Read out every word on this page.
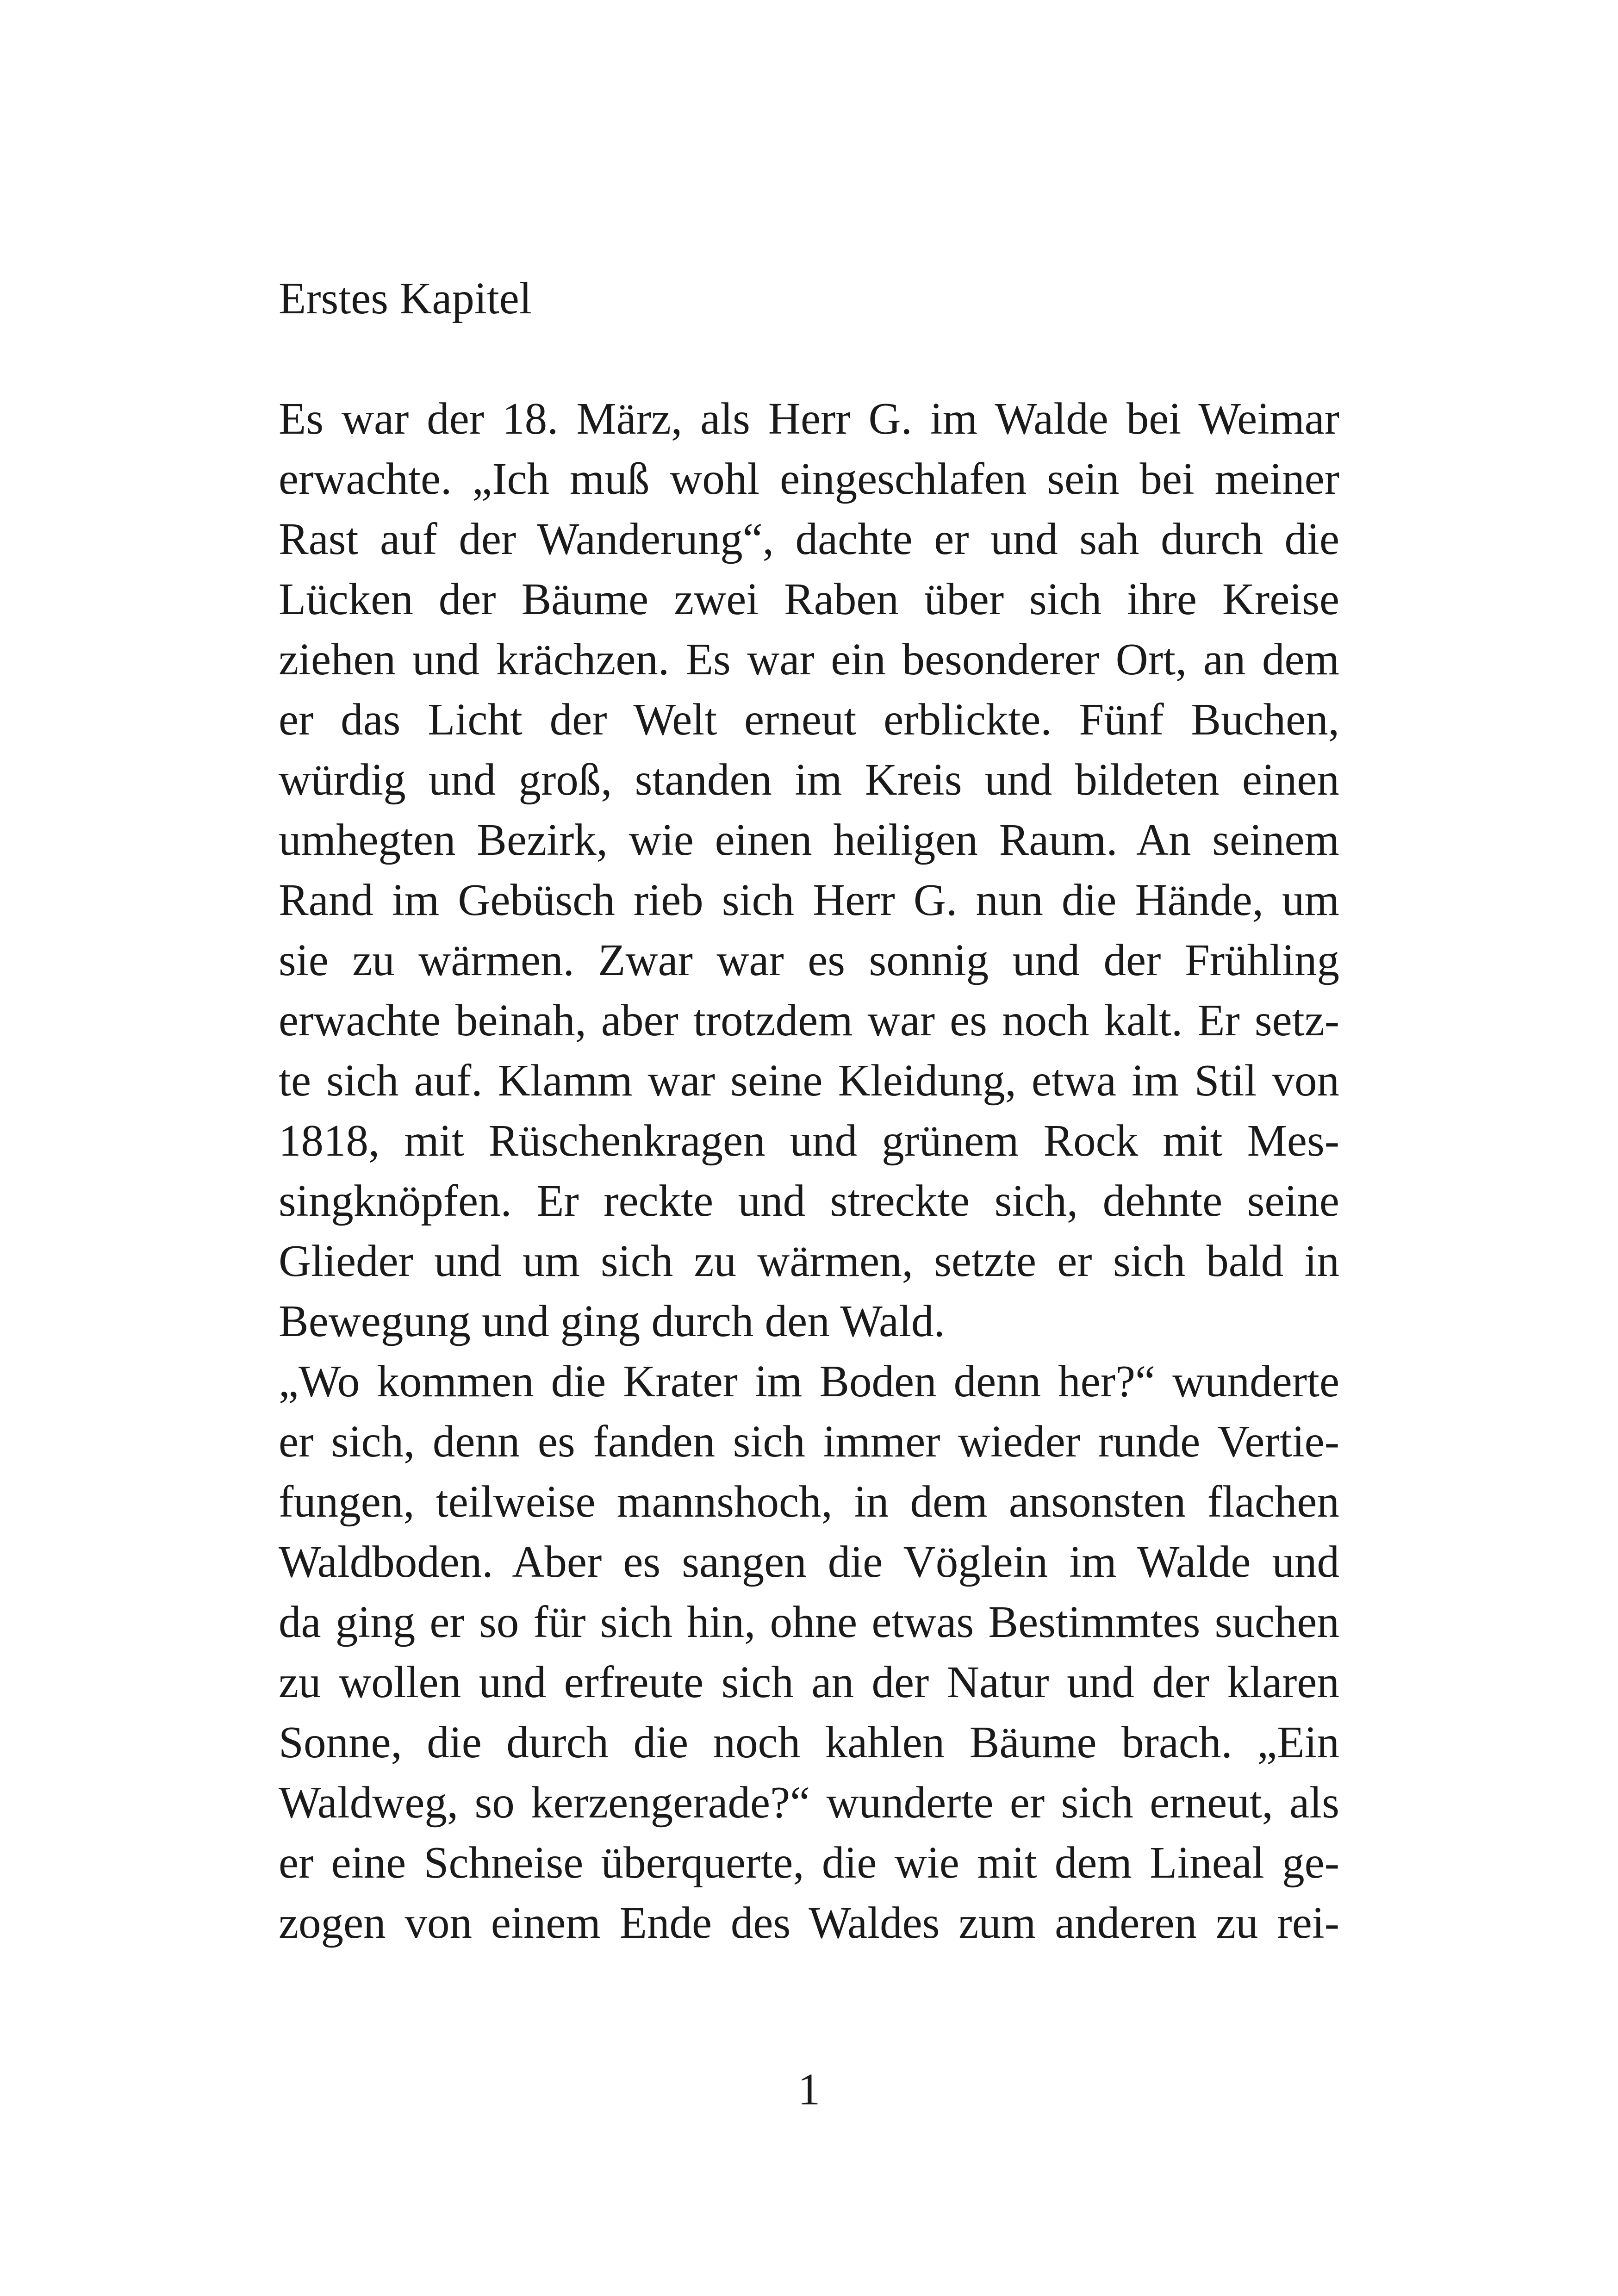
Erstes Kapitel
Es war der 18. März, als Herr G. im Walde bei Weimar
erwachte. „Ich muß wohl eingeschlafen sein bei meiner
Rast auf der Wanderung“, dachte er und sah durch die
Lücken der Bäume zwei Raben über sich ihre Kreise
ziehen und krächzen. Es war ein besonderer Ort, an dem
er das Licht der Welt erneut erblickte. Fünf Buchen,
würdig und groß, standen im Kreis und bildeten einen
umhegten Bezirk, wie einen heiligen Raum. An seinem
Rand im Gebüsch rieb sich Herr G. nun die Hände, um
sie zu wärmen. Zwar war es sonnig und der Frühling
erwachte beinah, aber trotzdem war es noch kalt. Er setz-
te sich auf. Klamm war seine Kleidung, etwa im Stil von
1818, mit Rüschenkragen und grünem Rock mit Mes-
singknöpfen. Er reckte und streckte sich, dehnte seine
Glieder und um sich zu wärmen, setzte er sich bald in
Bewegung und ging durch den Wald.
„Wo kommen die Krater im Boden denn her?“ wunderte
er sich, denn es fanden sich immer wieder runde Vertie-
fungen, teilweise mannshoch, in dem ansonsten flachen
Waldboden. Aber es sangen die Vöglein im Walde und
da ging er so für sich hin, ohne etwas Bestimmtes suchen
zu wollen und erfreute sich an der Natur und der klaren
Sonne, die durch die noch kahlen Bäume brach. „Ein
Waldweg, so kerzengerade?“ wunderte er sich erneut, als
er eine Schneise überquerte, die wie mit dem Lineal ge-
zogen von einem Ende des Waldes zum anderen zu rei-
1
